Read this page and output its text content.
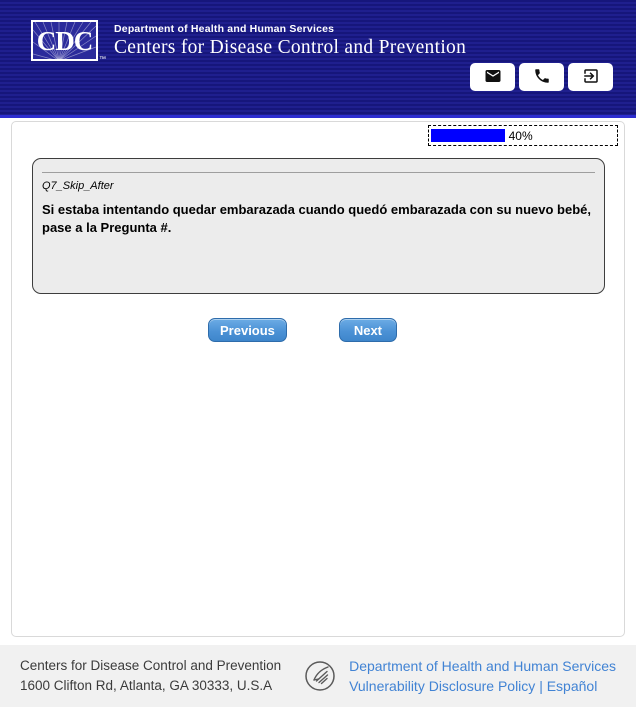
CDC
™
Department of Health and Human Services
Centers for Disease Control and Prevention
40%
Q7_Skip_After
Si estaba intentando quedar embarazada cuando quedó embarazada con su nuevo bebé, pase a la Pregunta #.
Previous	Next
Centers for Disease Control and Prevention
1600 Clifton Rd, Atlanta, GA 30333, U.S.A
Department of Health and Human Services
Vulnerability Disclosure Policy | Español
